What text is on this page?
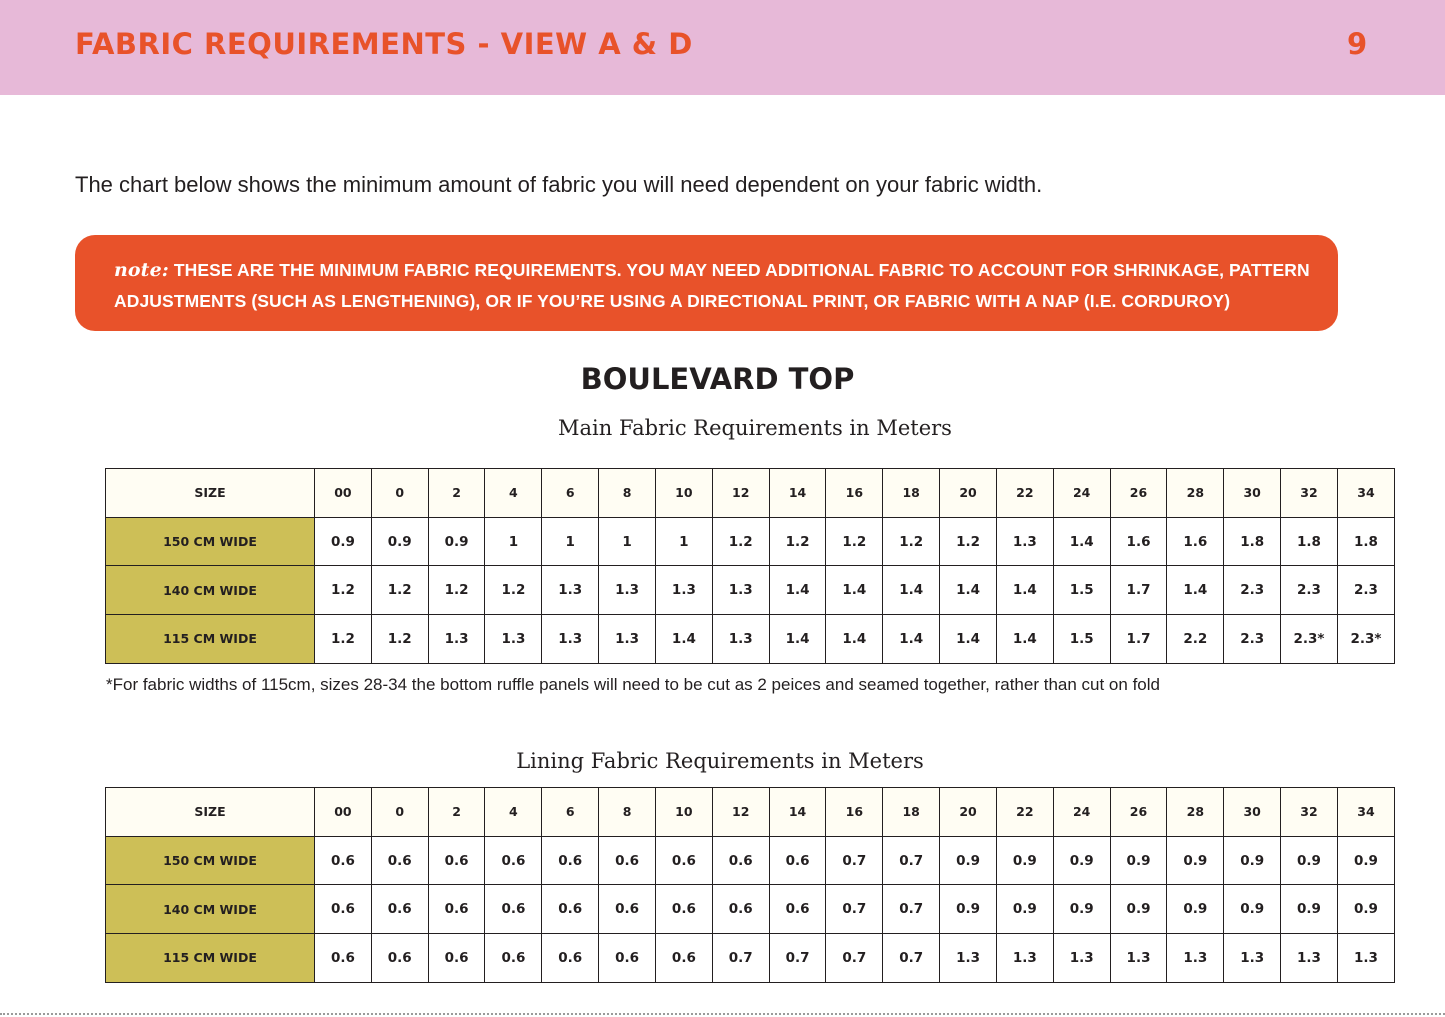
FABRIC REQUIREMENTS - VIEW A & D	9
The chart below shows the minimum amount of fabric you will need dependent on your fabric width.
note: THESE ARE THE MINIMUM FABRIC REQUIREMENTS. YOU MAY NEED ADDITIONAL FABRIC TO ACCOUNT FOR SHRINKAGE, PATTERN ADJUSTMENTS (SUCH AS LENGTHENING), OR IF YOU’RE USING A DIRECTIONAL PRINT, OR FABRIC WITH A NAP (I.E. CORDUROY)
BOULEVARD TOP
Main Fabric Requirements in Meters
SIZE	00	0	2	4	6	8	10	12	14	16	18	20	22	24	26	28	30	32	34
150 CM WIDE	0.9	0.9	0.9	1	1	1	1	1.2	1.2	1.2	1.2	1.2	1.3	1.4	1.6	1.6	1.8	1.8	1.8
140 CM WIDE	1.2	1.2	1.2	1.2	1.3	1.3	1.3	1.3	1.4	1.4	1.4	1.4	1.4	1.5	1.7	1.4	2.3	2.3	2.3
115 CM WIDE	1.2	1.2	1.3	1.3	1.3	1.3	1.4	1.3	1.4	1.4	1.4	1.4	1.4	1.5	1.7	2.2	2.3	2.3*	2.3*
*For fabric widths of 115cm, sizes 28-34 the bottom ruffle panels will need to be cut as 2 peices and seamed together, rather than cut on fold
Lining Fabric Requirements in Meters
SIZE	00	0	2	4	6	8	10	12	14	16	18	20	22	24	26	28	30	32	34
150 CM WIDE	0.6	0.6	0.6	0.6	0.6	0.6	0.6	0.6	0.6	0.7	0.7	0.9	0.9	0.9	0.9	0.9	0.9	0.9	0.9
140 CM WIDE	0.6	0.6	0.6	0.6	0.6	0.6	0.6	0.6	0.6	0.7	0.7	0.9	0.9	0.9	0.9	0.9	0.9	0.9	0.9
115 CM WIDE	0.6	0.6	0.6	0.6	0.6	0.6	0.6	0.7	0.7	0.7	0.7	1.3	1.3	1.3	1.3	1.3	1.3	1.3	1.3
